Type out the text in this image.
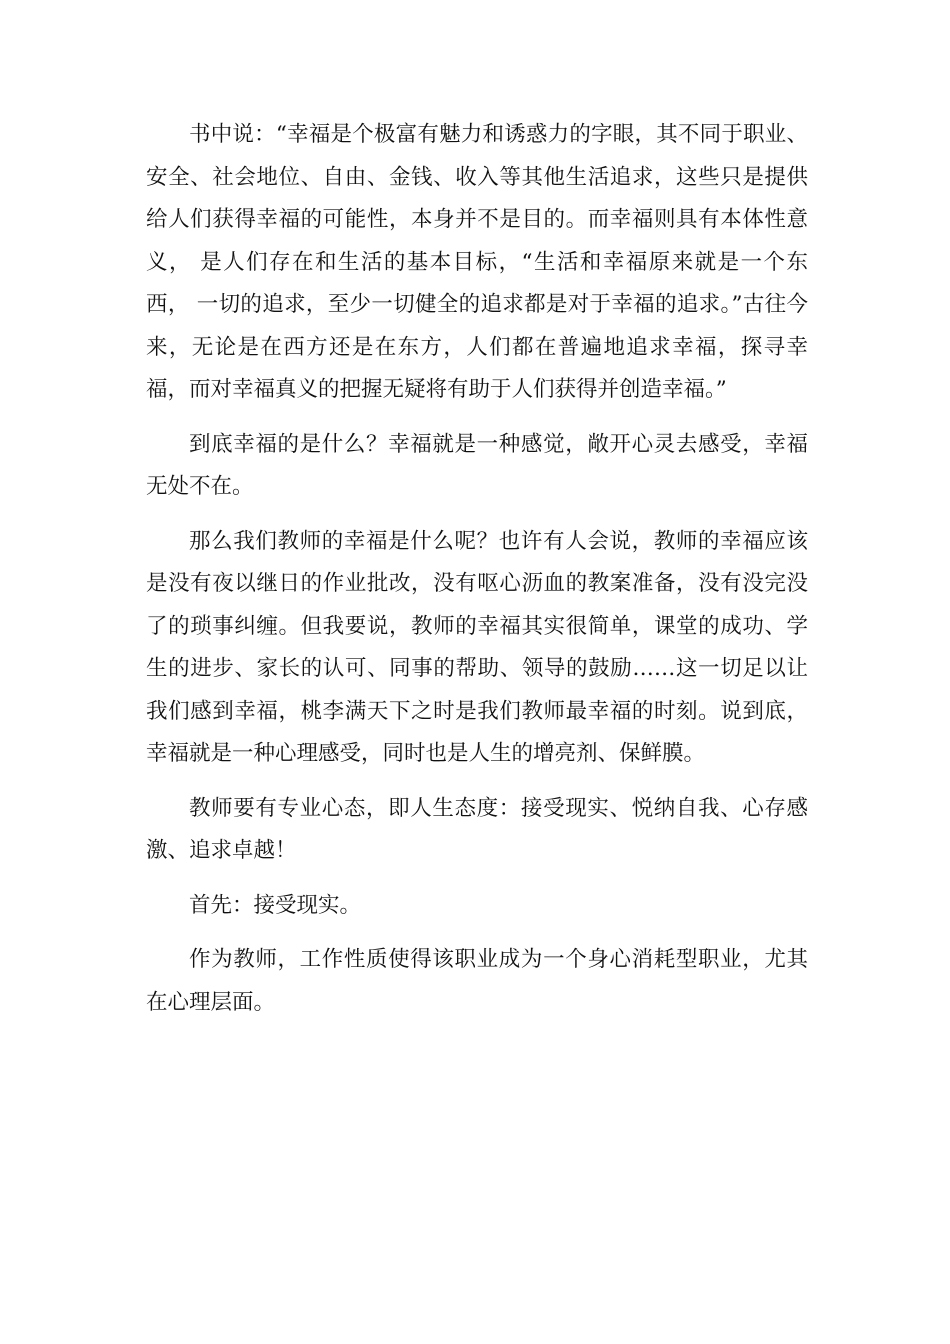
书中说：“幸福是个极富有魅力和诱惑力的字眼，其不同于职业、安全、社会地位、自由、金钱、收入等其他生活追求，这些只是提供给人们获得幸福的可能性，本身并不是目的。而幸福则具有本体性意义， 是人们存在和生活的基本目标，“生活和幸福原来就是一个东西， 一切的追求，至少一切健全的追求都是对于幸福的追求。”古往今来，无论是在西方还是在东方，人们都在普遍地追求幸福，探寻幸福，而对幸福真义的把握无疑将有助于人们获得并创造幸福。”

到底幸福的是什么？幸福就是一种感觉，敞开心灵去感受，幸福无处不在。

那么我们教师的幸福是什么呢？也许有人会说，教师的幸福应该是没有夜以继日的作业批改，没有呕心沥血的教案准备，没有没完没了的琐事纠缠。但我要说，教师的幸福其实很简单，课堂的成功、学生的进步、家长的认可、同事的帮助、领导的鼓励……这一切足以让我们感到幸福，桃李满天下之时是我们教师最幸福的时刻。说到底，幸福就是一种心理感受，同时也是人生的增亮剂、保鲜膜。

教师要有专业心态，即人生态度：接受现实、悦纳自我、心存感激、追求卓越！

首先：接受现实。

作为教师，工作性质使得该职业成为一个身心消耗型职业，尤其在心理层面。
